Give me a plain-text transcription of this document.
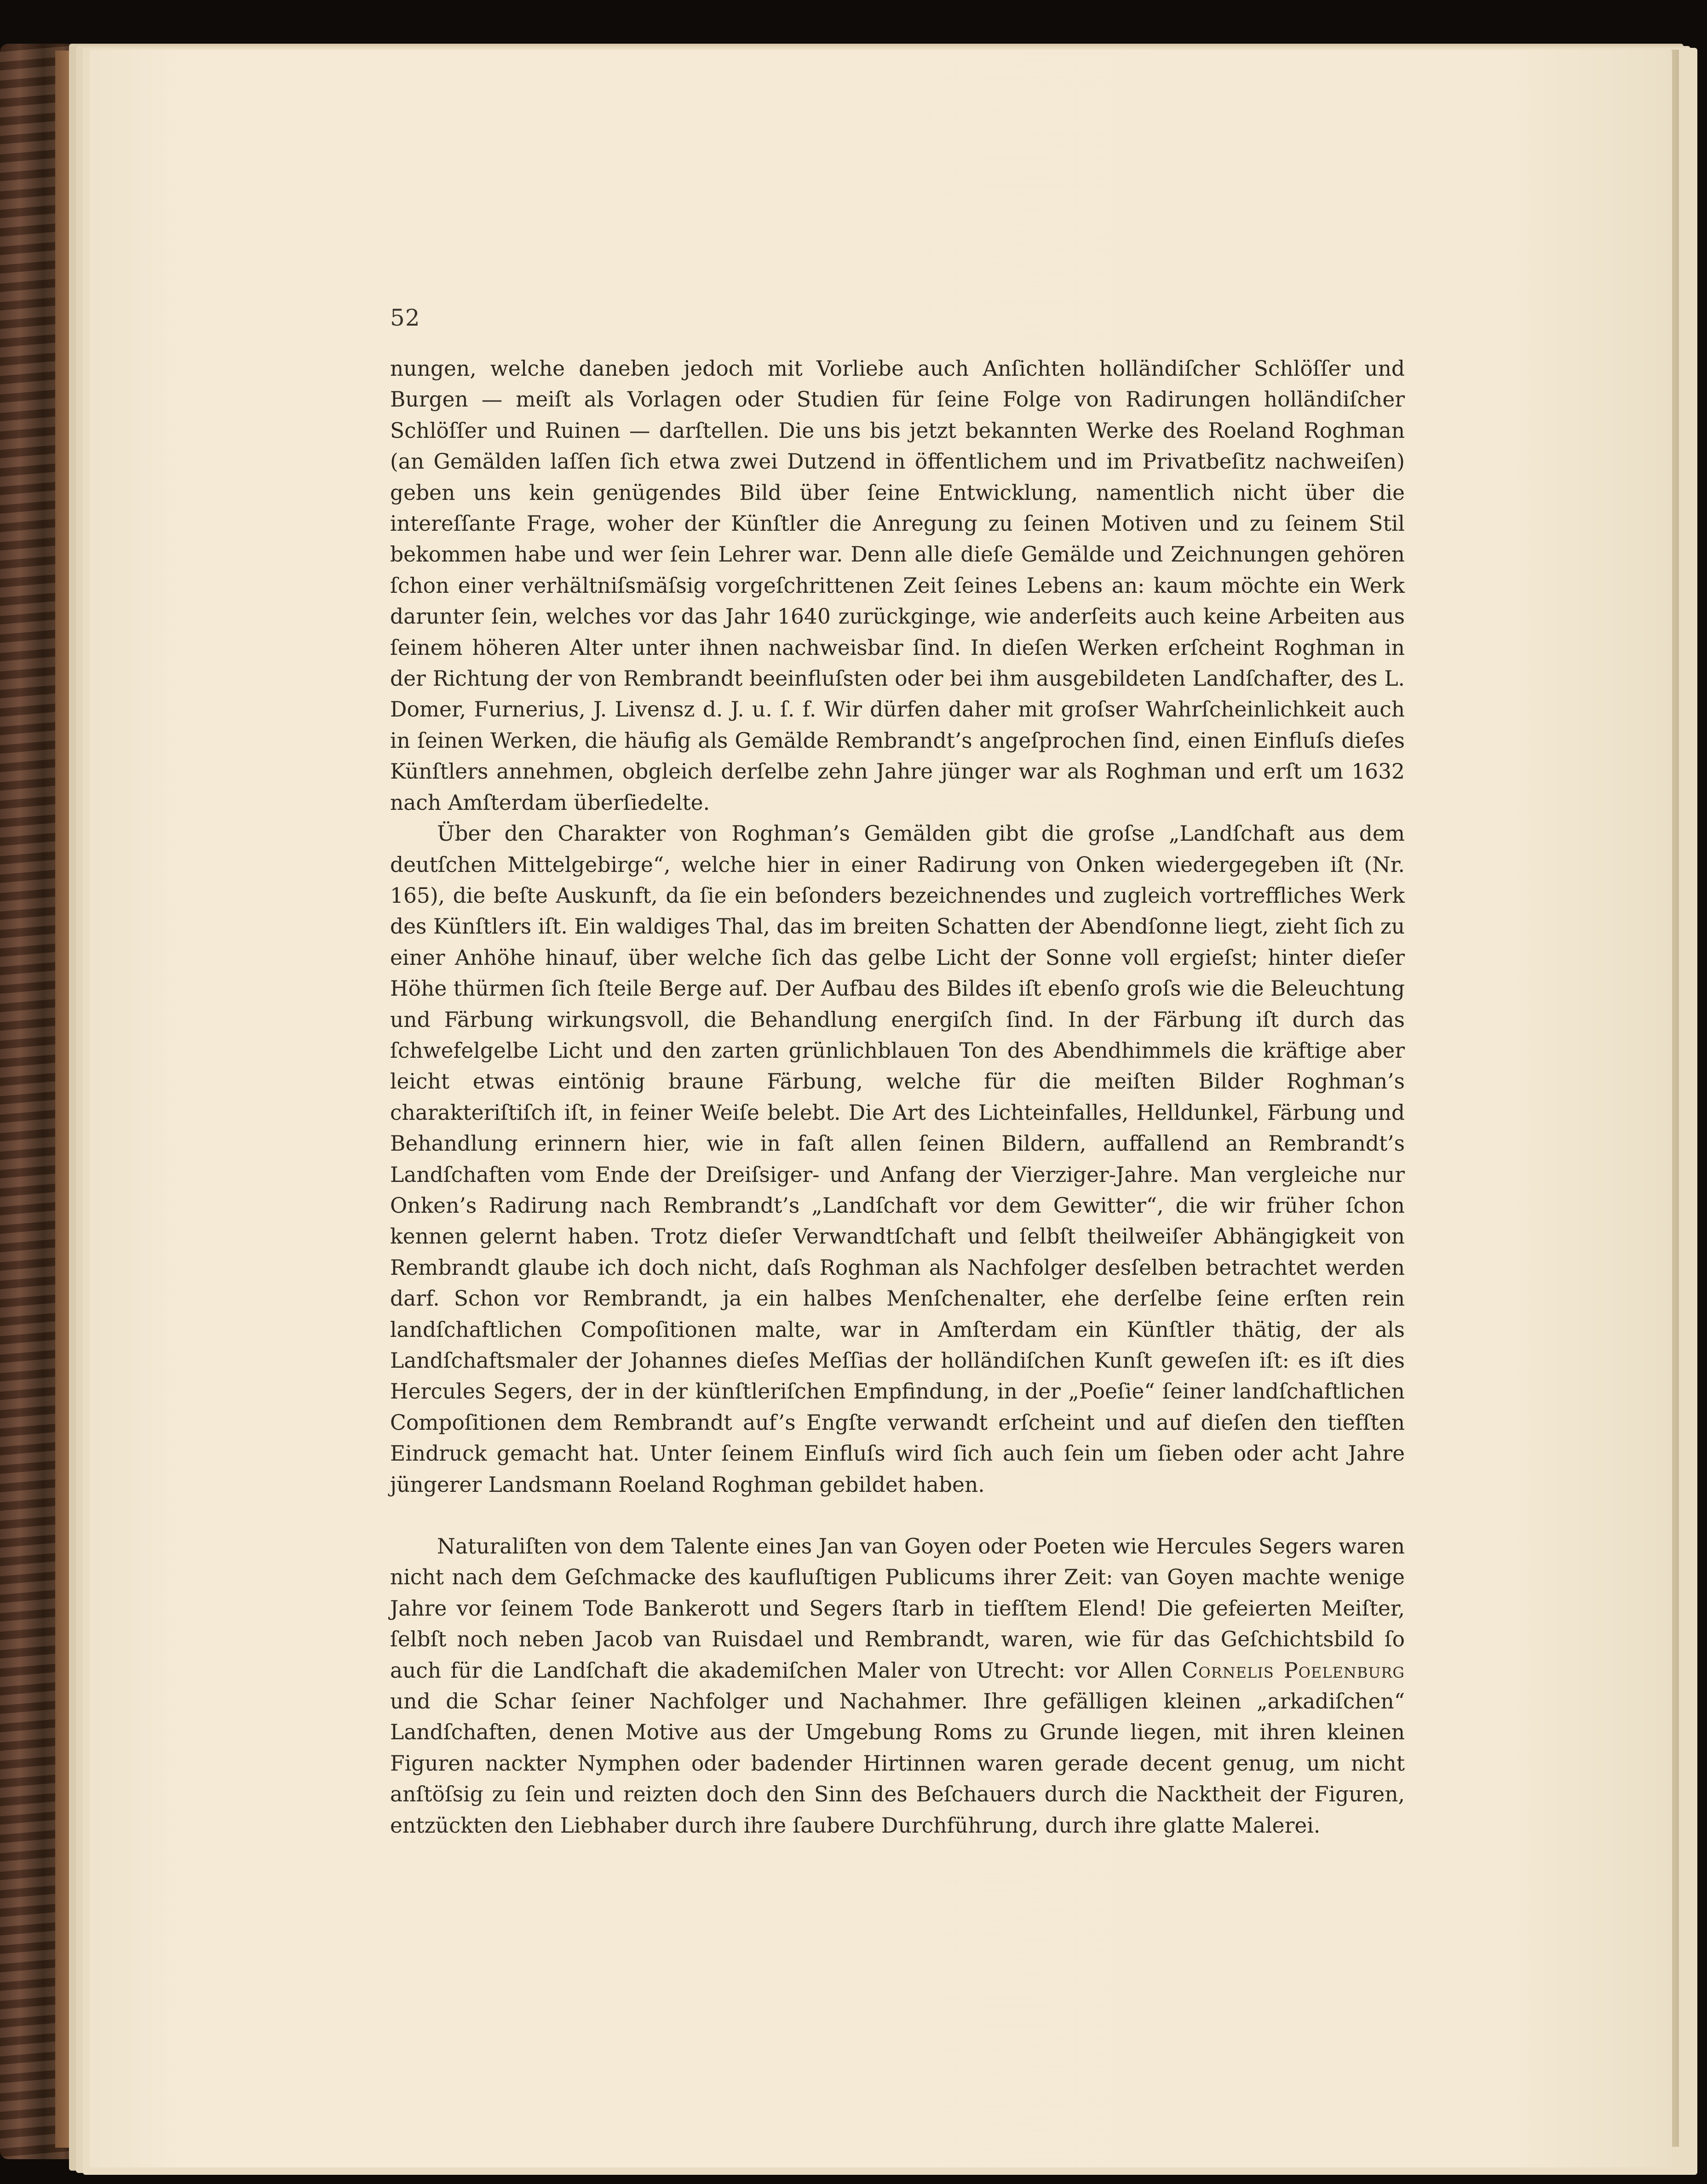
52

nungen, welche daneben jedoch mit Vorliebe auch Anſichten holländiſcher Schlöſſer und Burgen — meiſt als Vorlagen oder Studien für ſeine Folge von Radirungen holländiſcher Schlöſſer und Ruinen — darſtellen. Die uns bis jetzt bekannten Werke des Roeland Roghman (an Gemälden laſſen ſich etwa zwei Dutzend in öffentlichem und im Privatbeſitz nachweiſen) geben uns kein genügendes Bild über ſeine Entwicklung, namentlich nicht über die intereſſante Frage, woher der Künſtler die Anregung zu ſeinen Motiven und zu ſeinem Stil bekommen habe und wer ſein Lehrer war. Denn alle dieſe Gemälde und Zeichnungen gehören ſchon einer verhältniſsmäſsig vorgeſchrittenen Zeit ſeines Lebens an: kaum möchte ein Werk darunter ſein, welches vor das Jahr 1640 zurückginge, wie anderſeits auch keine Arbeiten aus ſeinem höheren Alter unter ihnen nachweisbar ſind. In dieſen Werken erſcheint Roghman in der Richtung der von Rembrandt beeinfluſsten oder bei ihm ausgebildeten Landſchafter, des L. Domer, Furnerius, J. Livensz d. J. u. ſ. f. Wir dürfen daher mit groſser Wahrſcheinlichkeit auch in ſeinen Werken, die häufig als Gemälde Rembrandt’s angeſprochen ſind, einen Einfluſs dieſes Künſtlers annehmen, obgleich derſelbe zehn Jahre jünger war als Roghman und erſt um 1632 nach Amſterdam überſiedelte.

Über den Charakter von Roghman’s Gemälden gibt die groſse „Landſchaft aus dem deutſchen Mittelgebirge“, welche hier in einer Radirung von Onken wiedergegeben iſt (Nr. 165), die beſte Auskunft, da ſie ein beſonders bezeichnendes und zugleich vortreffliches Werk des Künſtlers iſt. Ein waldiges Thal, das im breiten Schatten der Abendſonne liegt, zieht ſich zu einer Anhöhe hinauf, über welche ſich das gelbe Licht der Sonne voll ergieſst; hinter dieſer Höhe thürmen ſich ſteile Berge auf. Der Aufbau des Bildes iſt ebenſo groſs wie die Beleuchtung und Färbung wirkungsvoll, die Behandlung energiſch ſind. In der Färbung iſt durch das ſchwefelgelbe Licht und den zarten grünlichblauen Ton des Abendhimmels die kräftige aber leicht etwas eintönig braune Färbung, welche für die meiſten Bilder Roghman’s charakteriſtiſch iſt, in feiner Weiſe belebt. Die Art des Lichteinfalles, Helldunkel, Färbung und Behandlung erinnern hier, wie in faſt allen ſeinen Bildern, auffallend an Rembrandt’s Landſchaften vom Ende der Dreiſsiger- und Anfang der Vierziger-Jahre. Man vergleiche nur Onken’s Radirung nach Rembrandt’s „Landſchaft vor dem Gewitter“, die wir früher ſchon kennen gelernt haben. Trotz dieſer Verwandtſchaft und ſelbſt theilweiſer Abhängigkeit von Rembrandt glaube ich doch nicht, daſs Roghman als Nachfolger desſelben betrachtet werden darf. Schon vor Rembrandt, ja ein halbes Menſchenalter, ehe derſelbe ſeine erſten rein landſchaftlichen Compoſitionen malte, war in Amſterdam ein Künſtler thätig, der als Landſchaftsmaler der Johannes dieſes Meſſias der holländiſchen Kunſt geweſen iſt: es iſt dies Hercules Segers, der in der künſtleriſchen Empfindung, in der „Poeſie“ ſeiner landſchaftlichen Compoſitionen dem Rembrandt auf’s Engſte verwandt erſcheint und auf dieſen den tiefſten Eindruck gemacht hat. Unter ſeinem Einfluſs wird ſich auch ſein um ſieben oder acht Jahre jüngerer Landsmann Roeland Roghman gebildet haben.

Naturaliſten von dem Talente eines Jan van Goyen oder Poeten wie Hercules Segers waren nicht nach dem Geſchmacke des kaufluſtigen Publicums ihrer Zeit: van Goyen machte wenige Jahre vor ſeinem Tode Bankerott und Segers ſtarb in tiefſtem Elend! Die gefeierten Meiſter, ſelbſt noch neben Jacob van Ruisdael und Rembrandt, waren, wie für das Geſchichtsbild ſo auch für die Landſchaft die akademiſchen Maler von Utrecht: vor Allen Cornelis Poelenburg und die Schar ſeiner Nachfolger und Nachahmer. Ihre gefälligen kleinen „arkadiſchen“ Landſchaften, denen Motive aus der Umgebung Roms zu Grunde liegen, mit ihren kleinen Figuren nackter Nymphen oder badender Hirtinnen waren gerade decent genug, um nicht anſtöſsig zu ſein und reizten doch den Sinn des Beſchauers durch die Nacktheit der Figuren, entzückten den Liebhaber durch ihre ſaubere Durchführung, durch ihre glatte Malerei.
